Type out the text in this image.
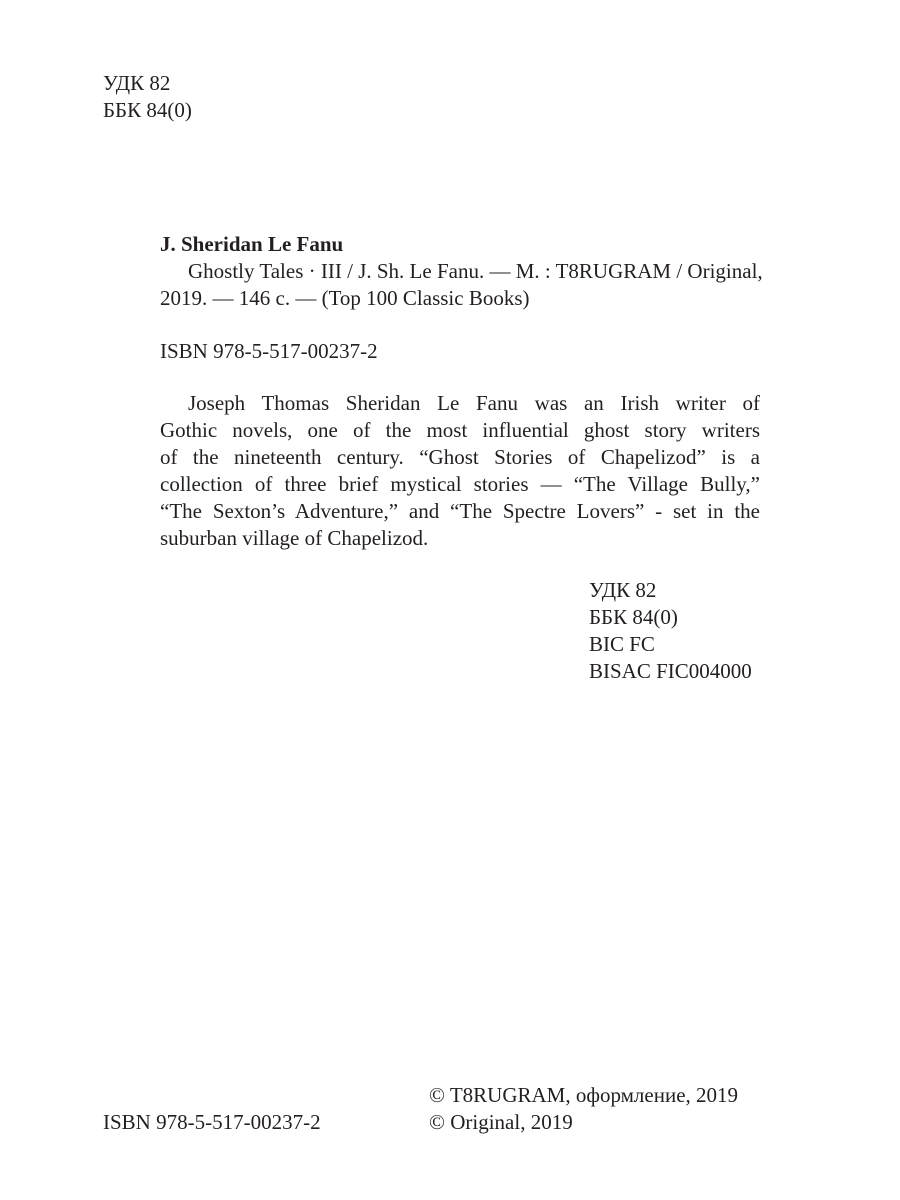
УДК 82
ББК 84(0)
J. Sheridan Le Fanu
Ghostly Tales · III / J. Sh. Le Fanu. — M. : T8RUGRAM / Original,
2019. — 146 c. — (Top 100 Classic Books)
ISBN 978-5-517-00237-2
Joseph Thomas Sheridan Le Fanu was an Irish writer of
Gothic novels, one of the most influential ghost story writers
of the nineteenth century. “Ghost Stories of Chapelizod” is a
collection of three brief mystical stories — “The Village Bully,”
“The Sexton’s Adventure,” and “The Spectre Lovers” - set in the
suburban village of Chapelizod.
УДК 82
ББК 84(0)
BIC FC
BISAC FIC004000
ISBN 978-5-517-00237-2
© T8RUGRAM, оформление, 2019
© Original, 2019
